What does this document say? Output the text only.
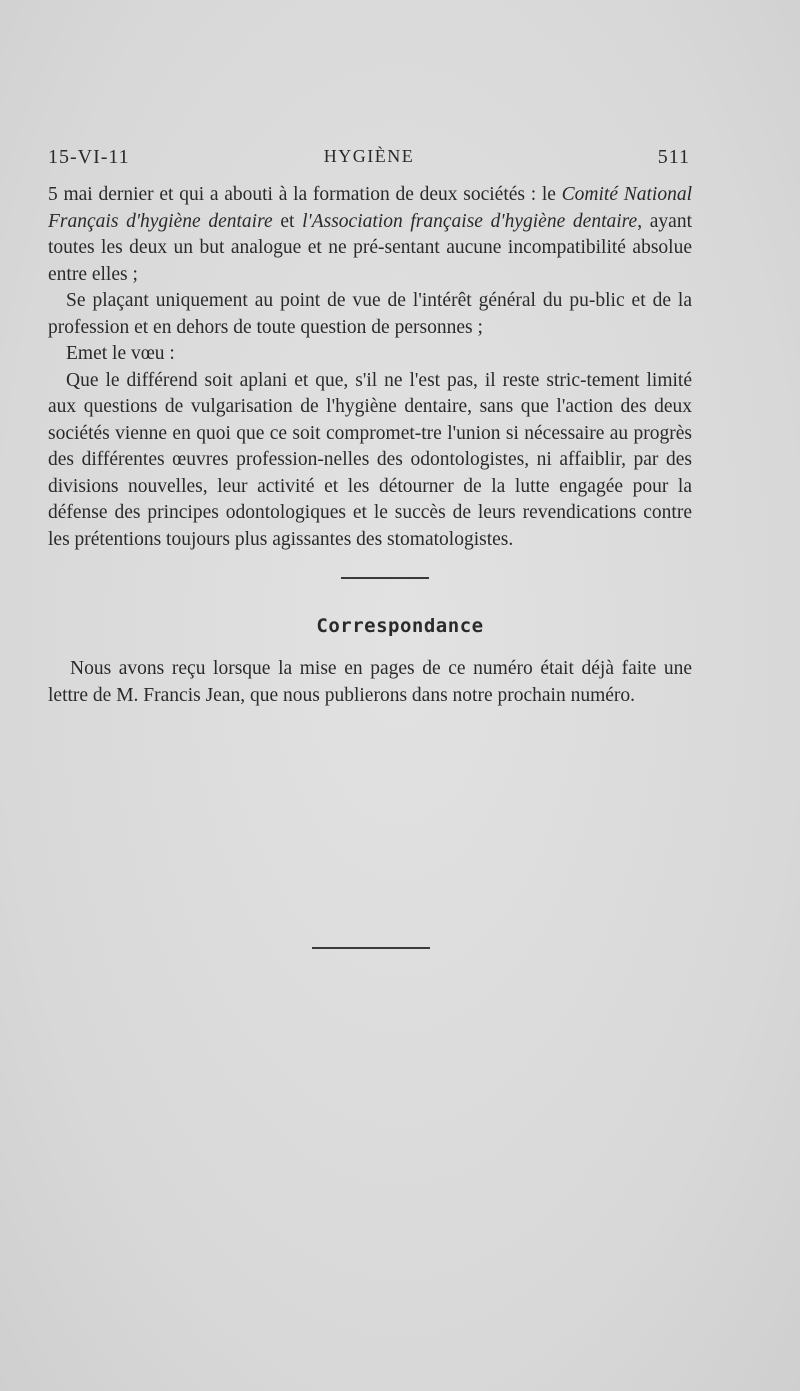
15-VI-11	HYGIÈNE	511

5 mai dernier et qui a abouti à la formation de deux sociétés : le Comité National Français d'hygiène dentaire et l'Association française d'hygiène dentaire, ayant toutes les deux un but analogue et ne pré-sentant aucune incompatibilité absolue entre elles ;

Se plaçant uniquement au point de vue de l'intérêt général du pu-blic et de la profession et en dehors de toute question de personnes ;

Emet le vœu :

Que le différend soit aplani et que, s'il ne l'est pas, il reste stric-tement limité aux questions de vulgarisation de l'hygiène dentaire, sans que l'action des deux sociétés vienne en quoi que ce soit compromet-tre l'union si nécessaire au progrès des différentes œuvres profession-nelles des odontologistes, ni affaiblir, par des divisions nouvelles, leur activité et les détourner de la lutte engagée pour la défense des principes odontologiques et le succès de leurs revendications contre les prétentions toujours plus agissantes des stomatologistes.

Correspondance

Nous avons reçu lorsque la mise en pages de ce numéro était déjà faite une lettre de M. Francis Jean, que nous publierons dans notre prochain numéro.
